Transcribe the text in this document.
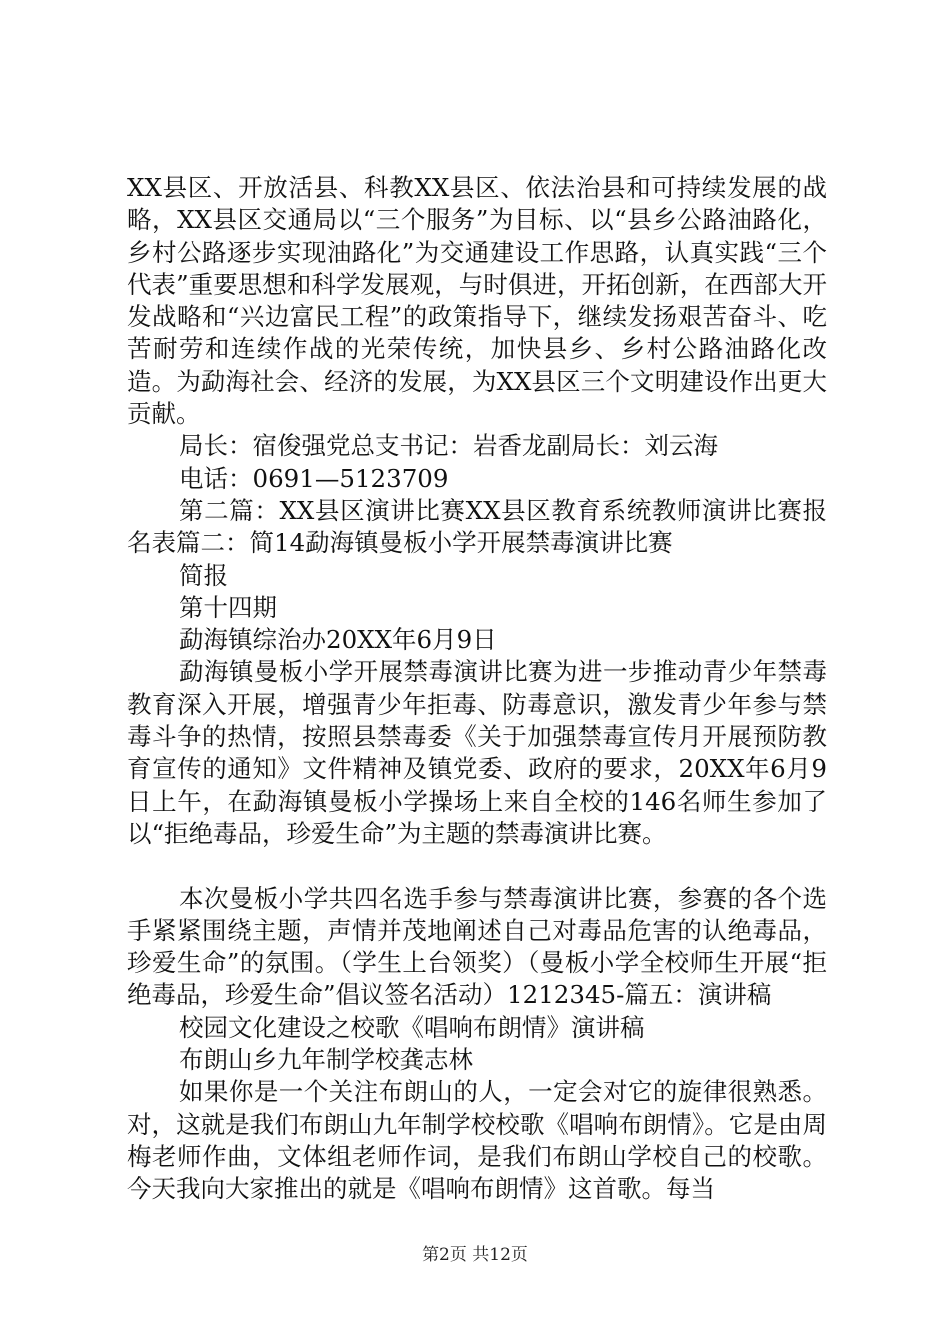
XX县区、开放活县、科教XX县区、依法治县和可持续发展的战略，XX县区交通局以“三个服务”为目标、以“县乡公路油路化，乡村公路逐步实现油路化”为交通建设工作思路，认真实践“三个代表”重要思想和科学发展观，与时俱进，开拓创新，在西部大开发战略和“兴边富民工程”的政策指导下，继续发扬艰苦奋斗、吃苦耐劳和连续作战的光荣传统，加快县乡、乡村公路油路化改造。为勐海社会、经济的发展，为XX县区三个文明建设作出更大贡献。

局长：宿俊强党总支书记：岩香龙副局长：刘云海

电话：0691—5123709

第二篇：XX县区演讲比赛XX县区教育系统教师演讲比赛报名表篇二：简14勐海镇曼板小学开展禁毒演讲比赛

简报

第十四期

勐海镇综治办20XX年6月9日

勐海镇曼板小学开展禁毒演讲比赛为进一步推动青少年禁毒教育深入开展，增强青少年拒毒、防毒意识，激发青少年参与禁毒斗争的热情，按照县禁毒委《关于加强禁毒宣传月开展预防教育宣传的通知》文件精神及镇党委、政府的要求，20XX年6月9日上午，在勐海镇曼板小学操场上来自全校的146名师生参加了以“拒绝毒品，珍爱生命”为主题的禁毒演讲比赛。

本次曼板小学共四名选手参与禁毒演讲比赛，参赛的各个选手紧紧围绕主题，声情并茂地阐述自己对毒品危害的认绝毒品，珍爱生命”的氛围。（学生上台领奖）（曼板小学全校师生开展“拒绝毒品，珍爱生命”倡议签名活动）1212345-篇五：演讲稿

校园文化建设之校歌《唱响布朗情》演讲稿

布朗山乡九年制学校龚志林

如果你是一个关注布朗山的人，一定会对它的旋律很熟悉。对，这就是我们布朗山九年制学校校歌《唱响布朗情》。它是由周梅老师作曲，文体组老师作词，是我们布朗山学校自己的校歌。今天我向大家推出的就是《唱响布朗情》这首歌。每当

第2页 共12页
